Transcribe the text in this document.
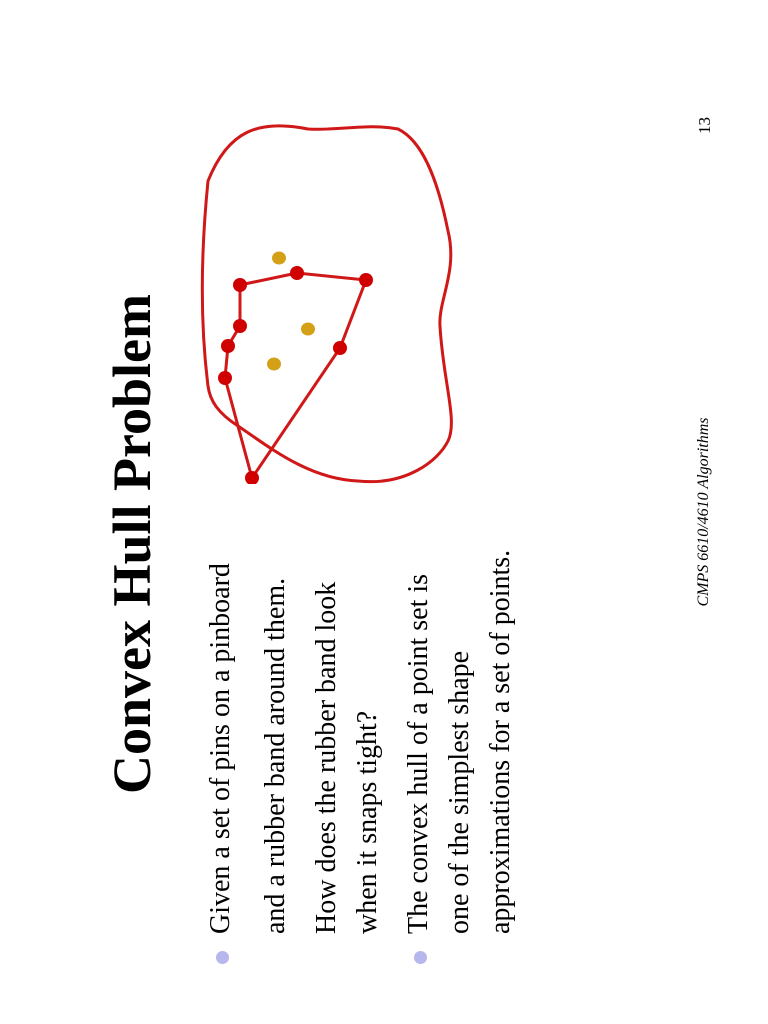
Convex Hull Problem Given a set of pins on a pinboard and a rubber band around them. How does the rubber band look when it snaps tight? The convex hull of a point set is one of the simplest shape approximations for a set of points.
CMPS 6610/4610 Algorithms
13
